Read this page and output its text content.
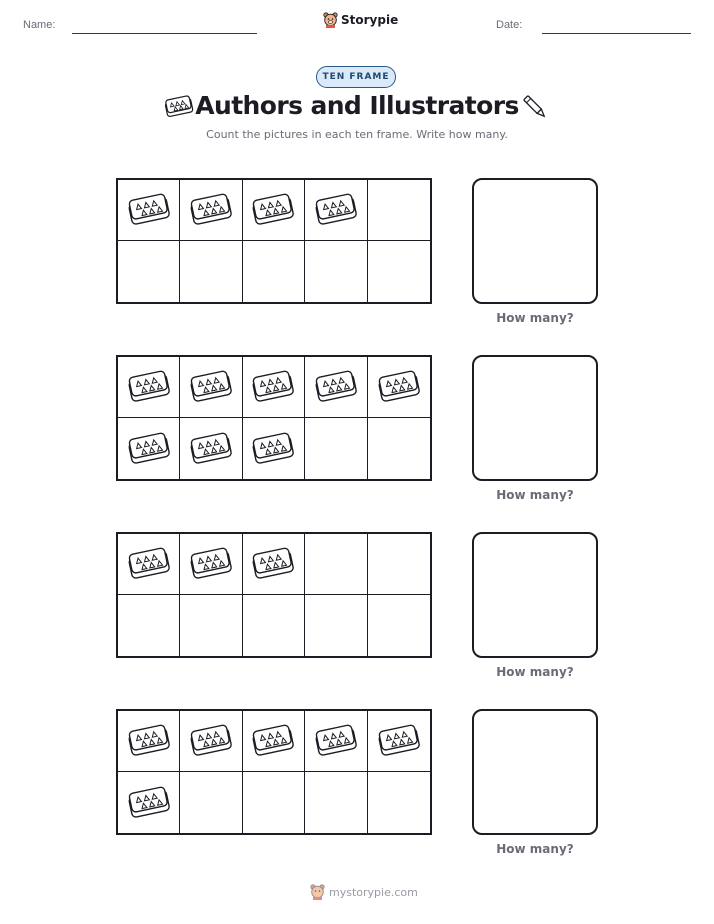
Name:	Storypie	Date:
TEN FRAME
Authors and Illustrators
Count the pictures in each ten frame. Write how many.
How many?
How many?
How many?
How many?
mystorypie.com
